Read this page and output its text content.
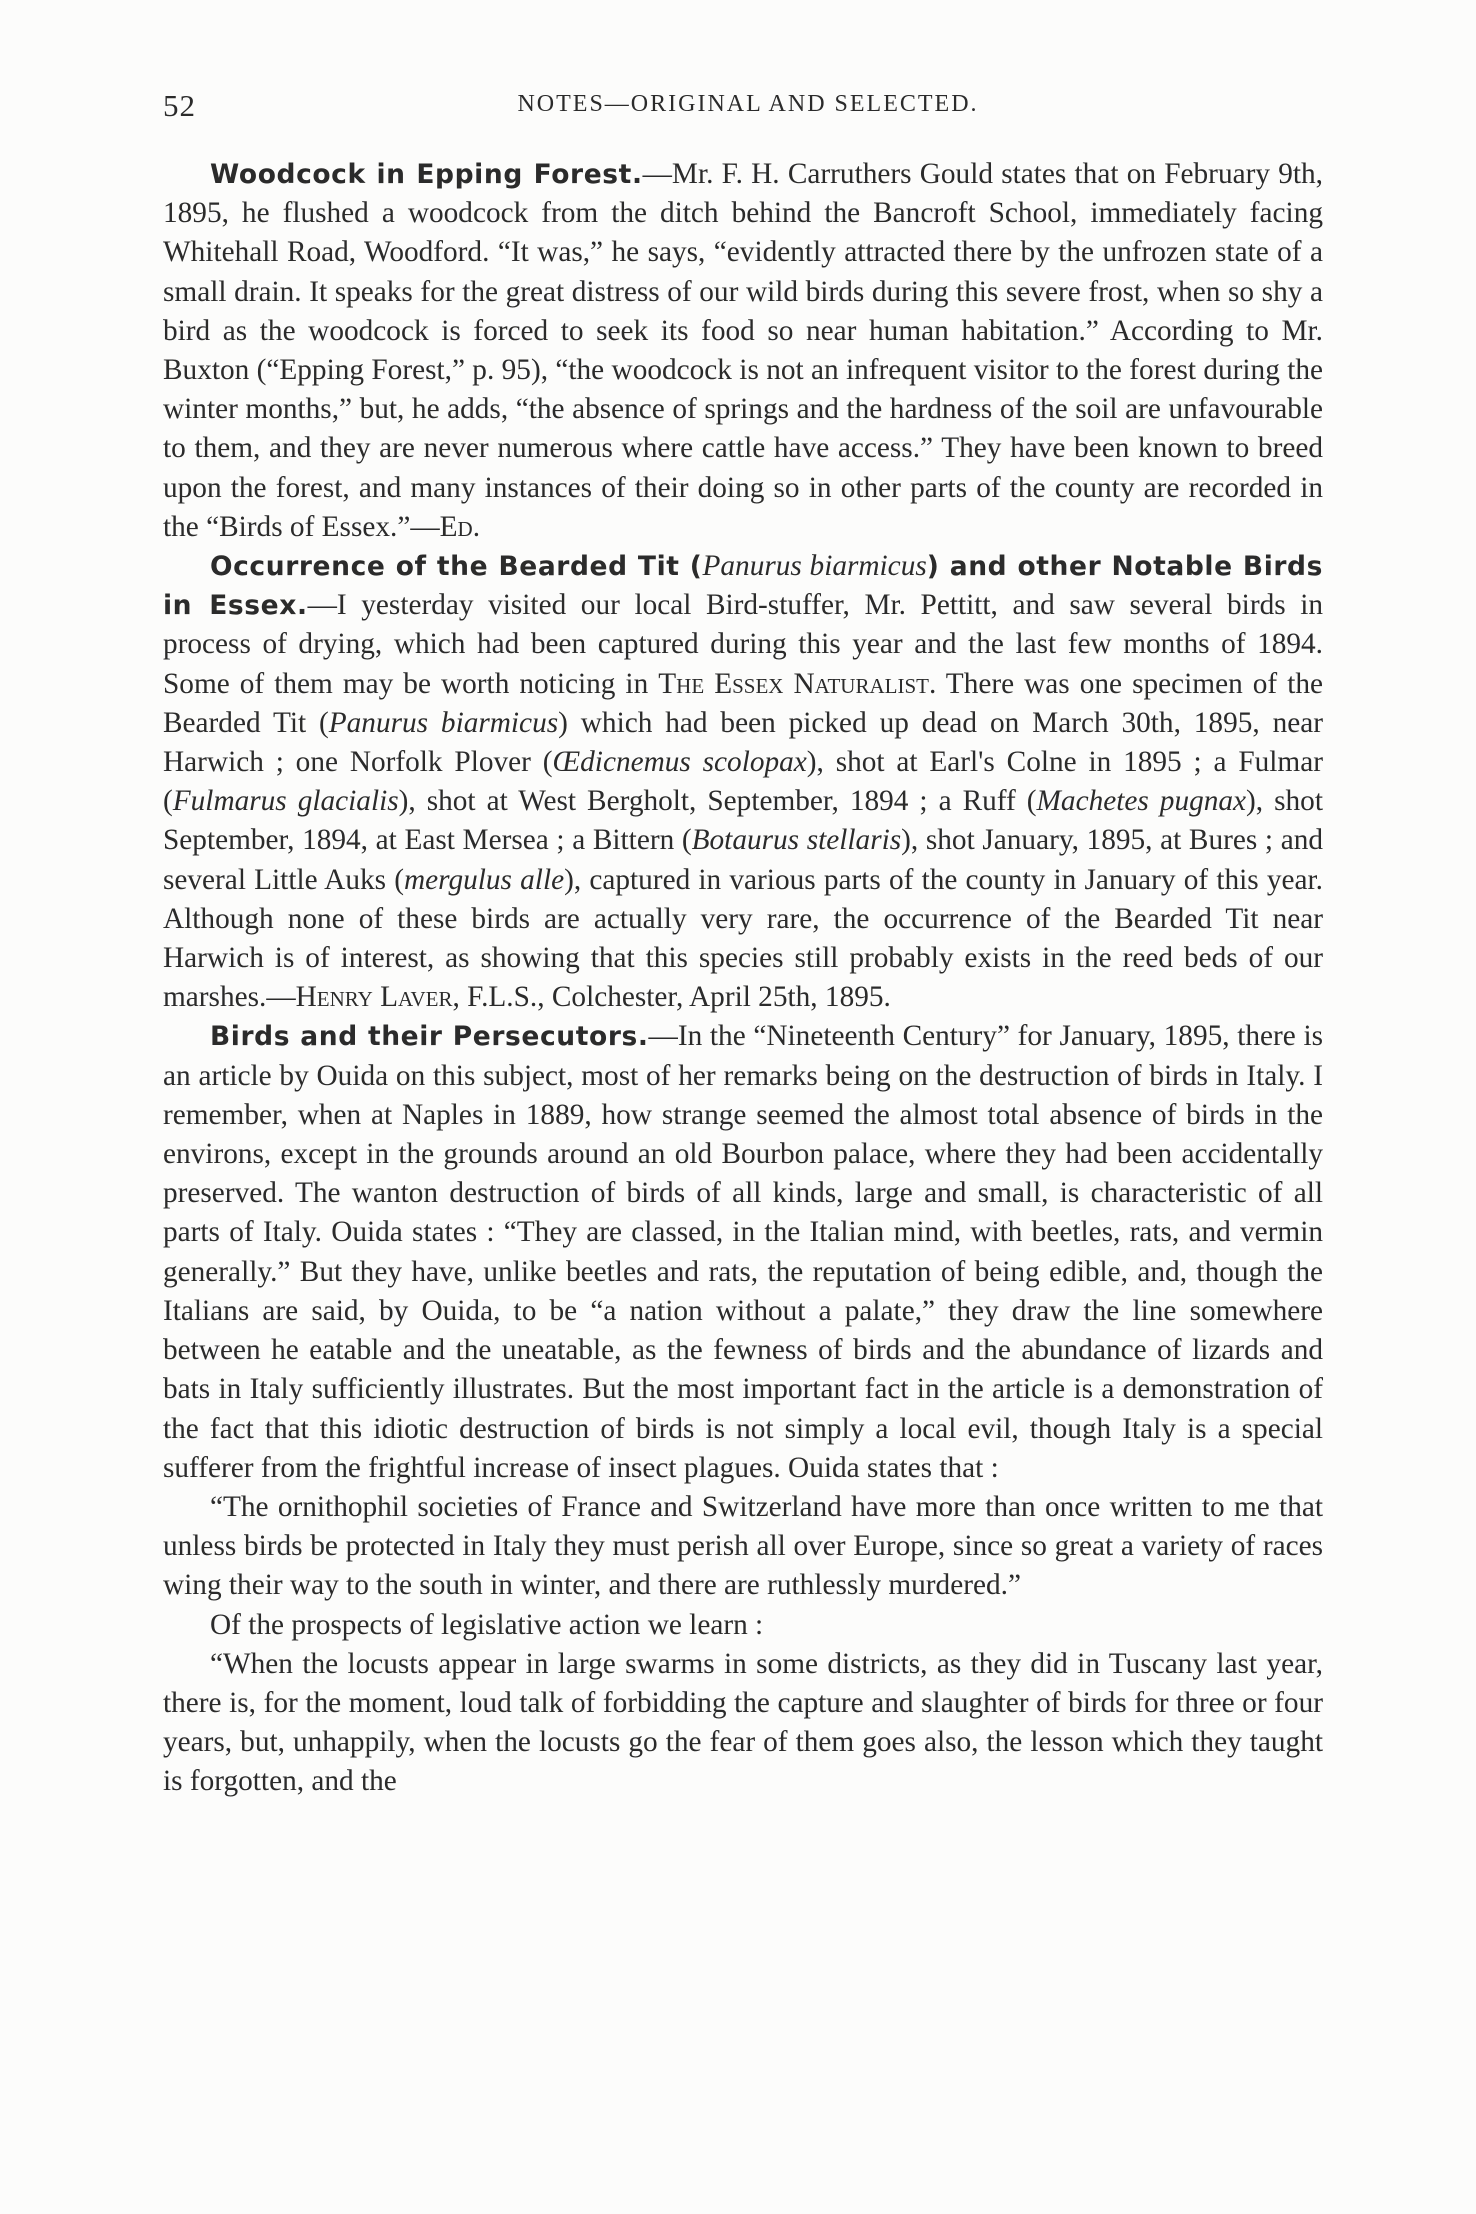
52	NOTES—ORIGINAL AND SELECTED.

Woodcock in Epping Forest.—Mr. F. H. Carruthers Gould states that on February 9th, 1895, he flushed a woodcock from the ditch behind the Bancroft School, immediately facing Whitehall Road, Woodford. “It was,” he says, “evidently attracted there by the unfrozen state of a small drain. It speaks for the great distress of our wild birds during this severe frost, when so shy a bird as the woodcock is forced to seek its food so near human habitation.” According to Mr. Buxton (“Epping Forest,” p. 95), “the woodcock is not an infrequent visitor to the forest during the winter months,” but, he adds, “the absence of springs and the hardness of the soil are unfavourable to them, and they are never numerous where cattle have access.” They have been known to breed upon the forest, and many instances of their doing so in other parts of the county are recorded in the “Birds of Essex.”—Ed.

Occurrence of the Bearded Tit (Panurus biarmicus) and other Notable Birds in Essex.—I yesterday visited our local Bird-stuffer, Mr. Pettitt, and saw several birds in process of drying, which had been captured during this year and the last few months of 1894. Some of them may be worth noticing in The Essex Naturalist. There was one specimen of the Bearded Tit (Panurus biarmicus) which had been picked up dead on March 30th, 1895, near Harwich ; one Norfolk Plover (Œdicnemus scolopax), shot at Earl's Colne in 1895 ; a Fulmar (Fulmarus glacialis), shot at West Bergholt, September, 1894 ; a Ruff (Machetes pugnax), shot September, 1894, at East Mersea ; a Bittern (Botaurus stellaris), shot January, 1895, at Bures ; and several Little Auks (mergulus alle), captured in various parts of the county in January of this year. Although none of these birds are actually very rare, the occurrence of the Bearded Tit near Harwich is of interest, as showing that this species still probably exists in the reed beds of our marshes.—Henry Laver, F.L.S., Colchester, April 25th, 1895.

Birds and their Persecutors.—In the “Nineteenth Century” for January, 1895, there is an article by Ouida on this subject, most of her remarks being on the destruction of birds in Italy. I remember, when at Naples in 1889, how strange seemed the almost total absence of birds in the environs, except in the grounds around an old Bourbon palace, where they had been accidentally preserved. The wanton destruction of birds of all kinds, large and small, is characteristic of all parts of Italy. Ouida states : “They are classed, in the Italian mind, with beetles, rats, and vermin generally.” But they have, unlike beetles and rats, the reputation of being edible, and, though the Italians are said, by Ouida, to be “a nation without a palate,” they draw the line somewhere between he eatable and the uneatable, as the fewness of birds and the abundance of lizards and bats in Italy sufficiently illustrates. But the most important fact in the article is a demonstration of the fact that this idiotic destruction of birds is not simply a local evil, though Italy is a special sufferer from the frightful increase of insect plagues. Ouida states that :

“The ornithophil societies of France and Switzerland have more than once written to me that unless birds be protected in Italy they must perish all over Europe, since so great a variety of races wing their way to the south in winter, and there are ruthlessly murdered.”

Of the prospects of legislative action we learn :

“When the locusts appear in large swarms in some districts, as they did in Tuscany last year, there is, for the moment, loud talk of forbidding the capture and slaughter of birds for three or four years, but, unhappily, when the locusts go the fear of them goes also, the lesson which they taught is forgotten, and the
